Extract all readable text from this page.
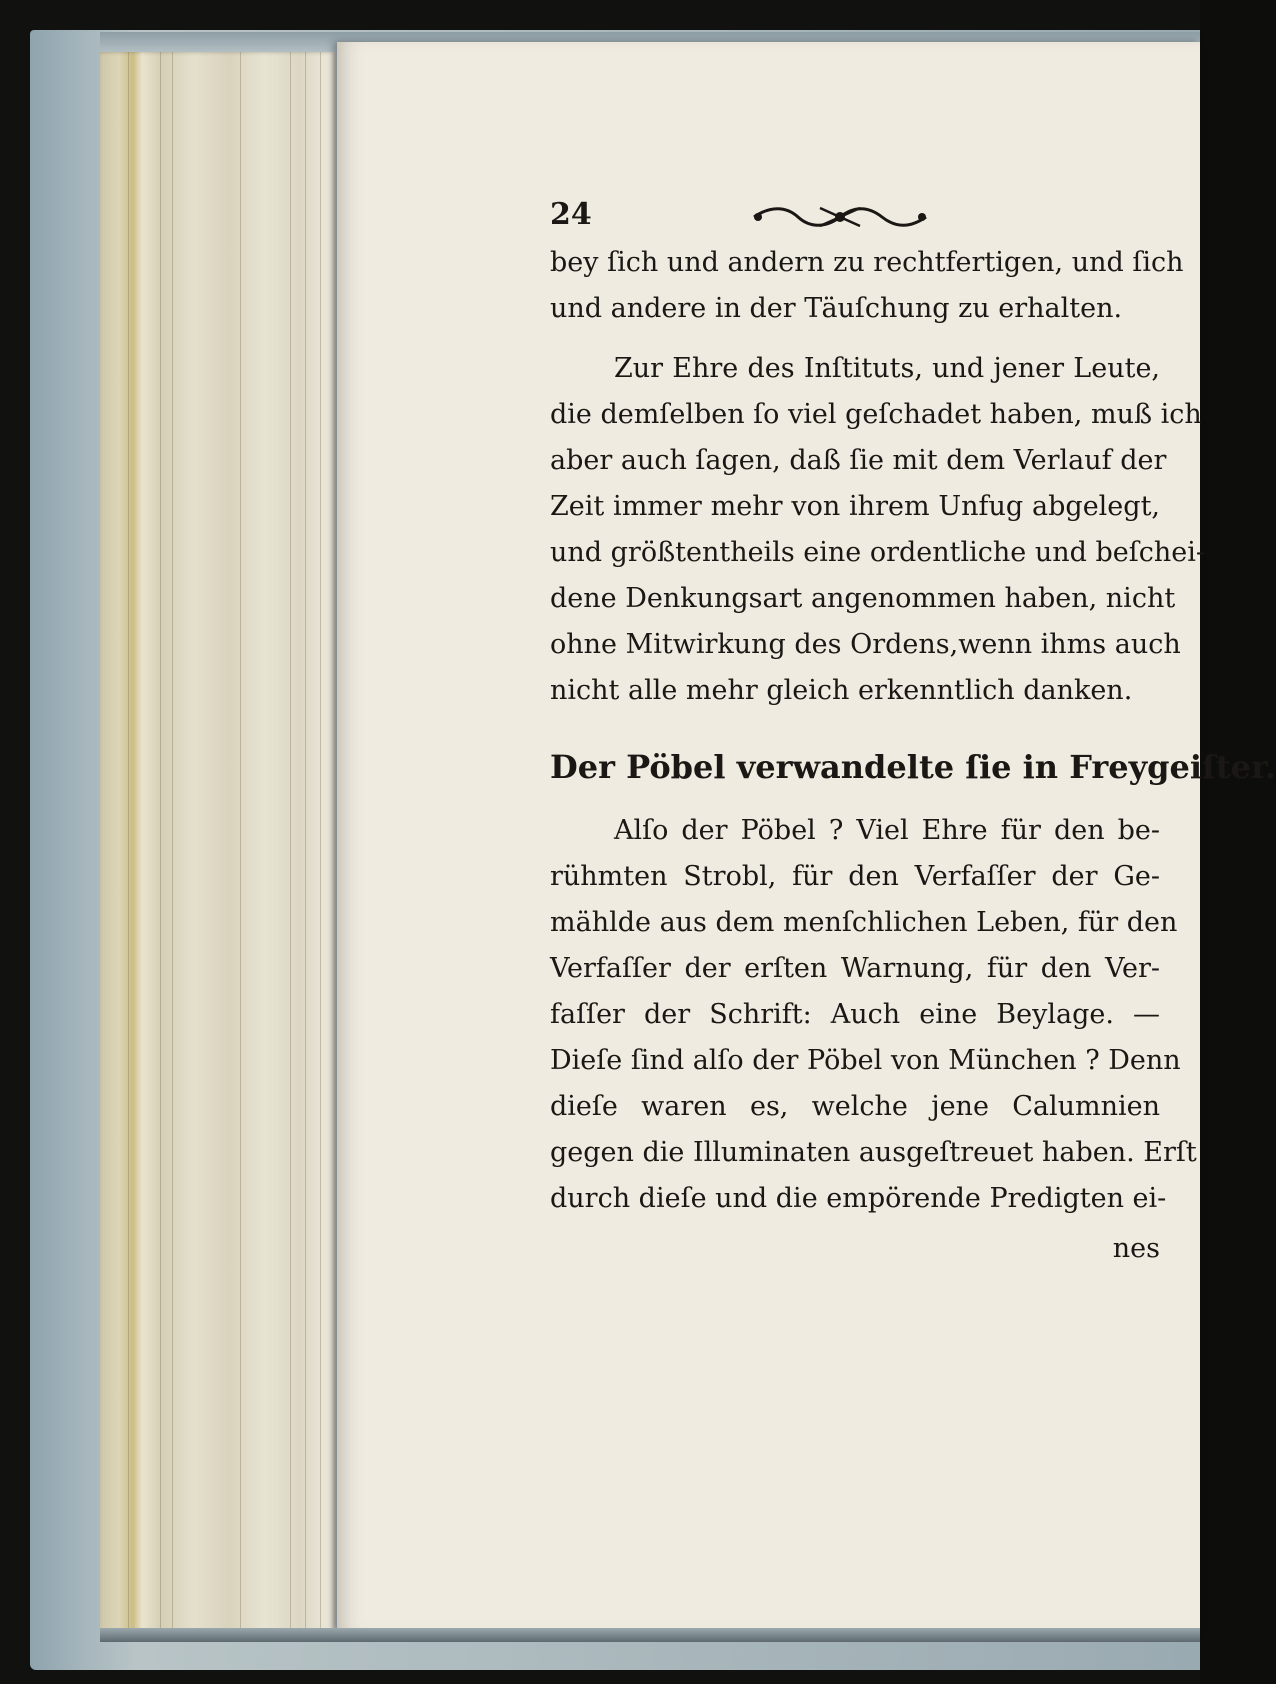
24
bey ſich und andern zu rechtfertigen, und ſich
und andere in der Täuſchung zu erhalten.
Zur Ehre des Inſtituts, und jener Leute,
die demſelben ſo viel geſchadet haben, muß ich
aber auch ſagen, daß ſie mit dem Verlauf der
Zeit immer mehr von ihrem Unfug abgelegt,
und größtentheils eine ordentliche und beſchei-
dene Denkungsart angenommen haben, nicht
ohne Mitwirkung des Ordens,wenn ihms auch
nicht alle mehr gleich erkenntlich danken.
Der Pöbel verwandelte ſie in Freygeiſter.
Alſo der Pöbel ? Viel Ehre für den be-
rühmten Strobl, für den Verfaſſer der Ge-
mählde aus dem menſchlichen Leben, für den
Verfaſſer der erſten Warnung, für den Ver-
faſſer der Schrift: Auch eine Beylage. —
Dieſe ſind alſo der Pöbel von München ? Denn
dieſe waren es, welche jene Calumnien
gegen die Illuminaten ausgeſtreuet haben. Erſt
durch dieſe und die empörende Predigten ei-
nes
